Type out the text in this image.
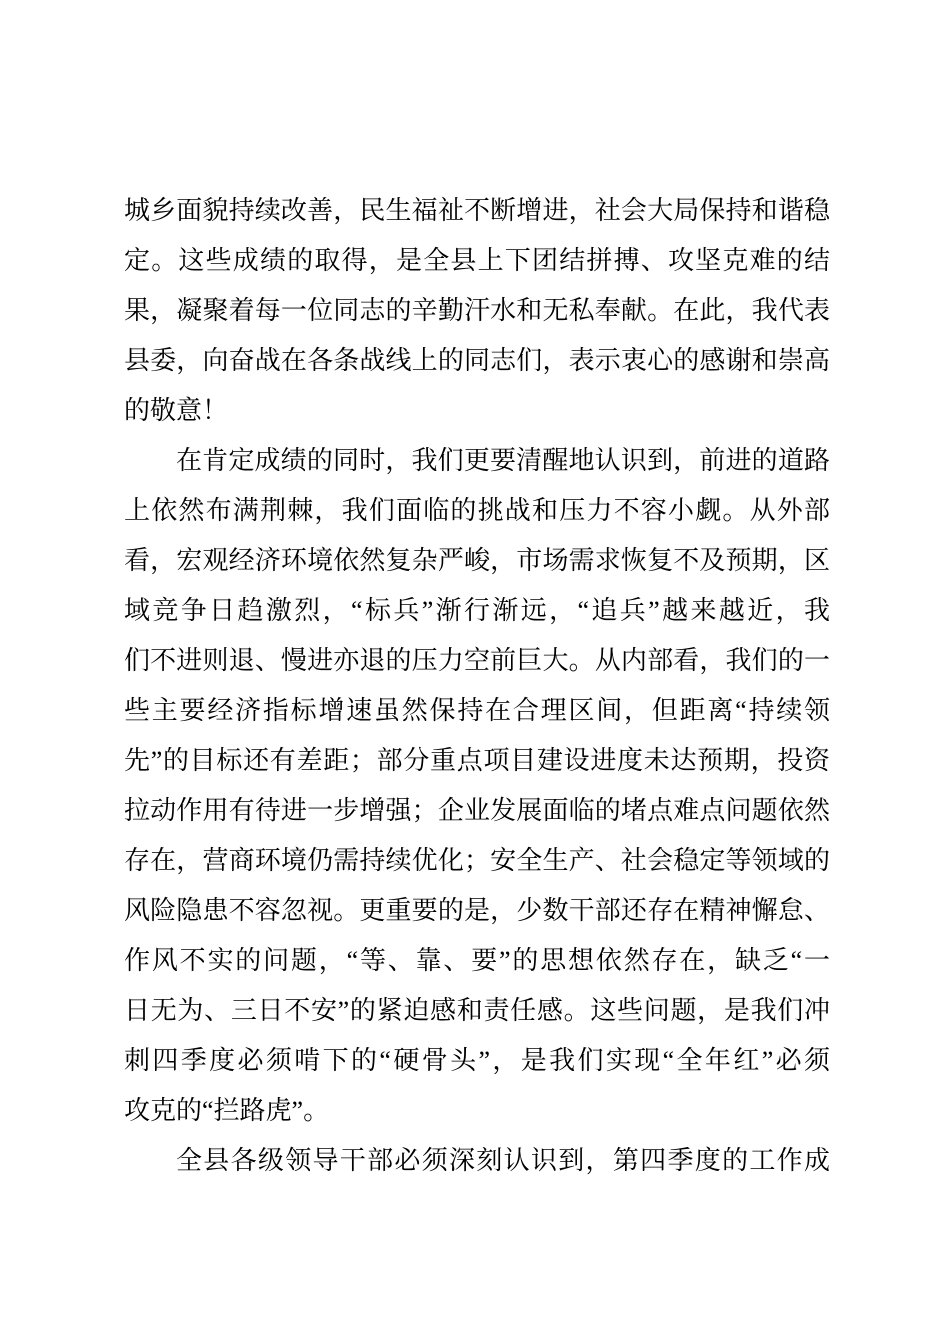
城乡面貌持续改善，民生福祉不断增进，社会大局保持和谐稳
定。这些成绩的取得，是全县上下团结拼搏、攻坚克难的结
果，凝聚着每一位同志的辛勤汗水和无私奉献。在此，我代表
县委，向奋战在各条战线上的同志们，表示衷心的感谢和崇高
的敬意！

在肯定成绩的同时，我们更要清醒地认识到，前进的道路
上依然布满荆棘，我们面临的挑战和压力不容小觑。从外部
看，宏观经济环境依然复杂严峻，市场需求恢复不及预期，区
域竞争日趋激烈，“标兵”渐行渐远，“追兵”越来越近，我
们不进则退、慢进亦退的压力空前巨大。从内部看，我们的一
些主要经济指标增速虽然保持在合理区间，但距离“持续领
先”的目标还有差距；部分重点项目建设进度未达预期，投资
拉动作用有待进一步增强；企业发展面临的堵点难点问题依然
存在，营商环境仍需持续优化；安全生产、社会稳定等领域的
风险隐患不容忽视。更重要的是，少数干部还存在精神懈怠、
作风不实的问题，“等、靠、要”的思想依然存在，缺乏“一
日无为、三日不安”的紧迫感和责任感。这些问题，是我们冲
刺四季度必须啃下的“硬骨头”，是我们实现“全年红”必须
攻克的“拦路虎”。

全县各级领导干部必须深刻认识到，第四季度的工作成
